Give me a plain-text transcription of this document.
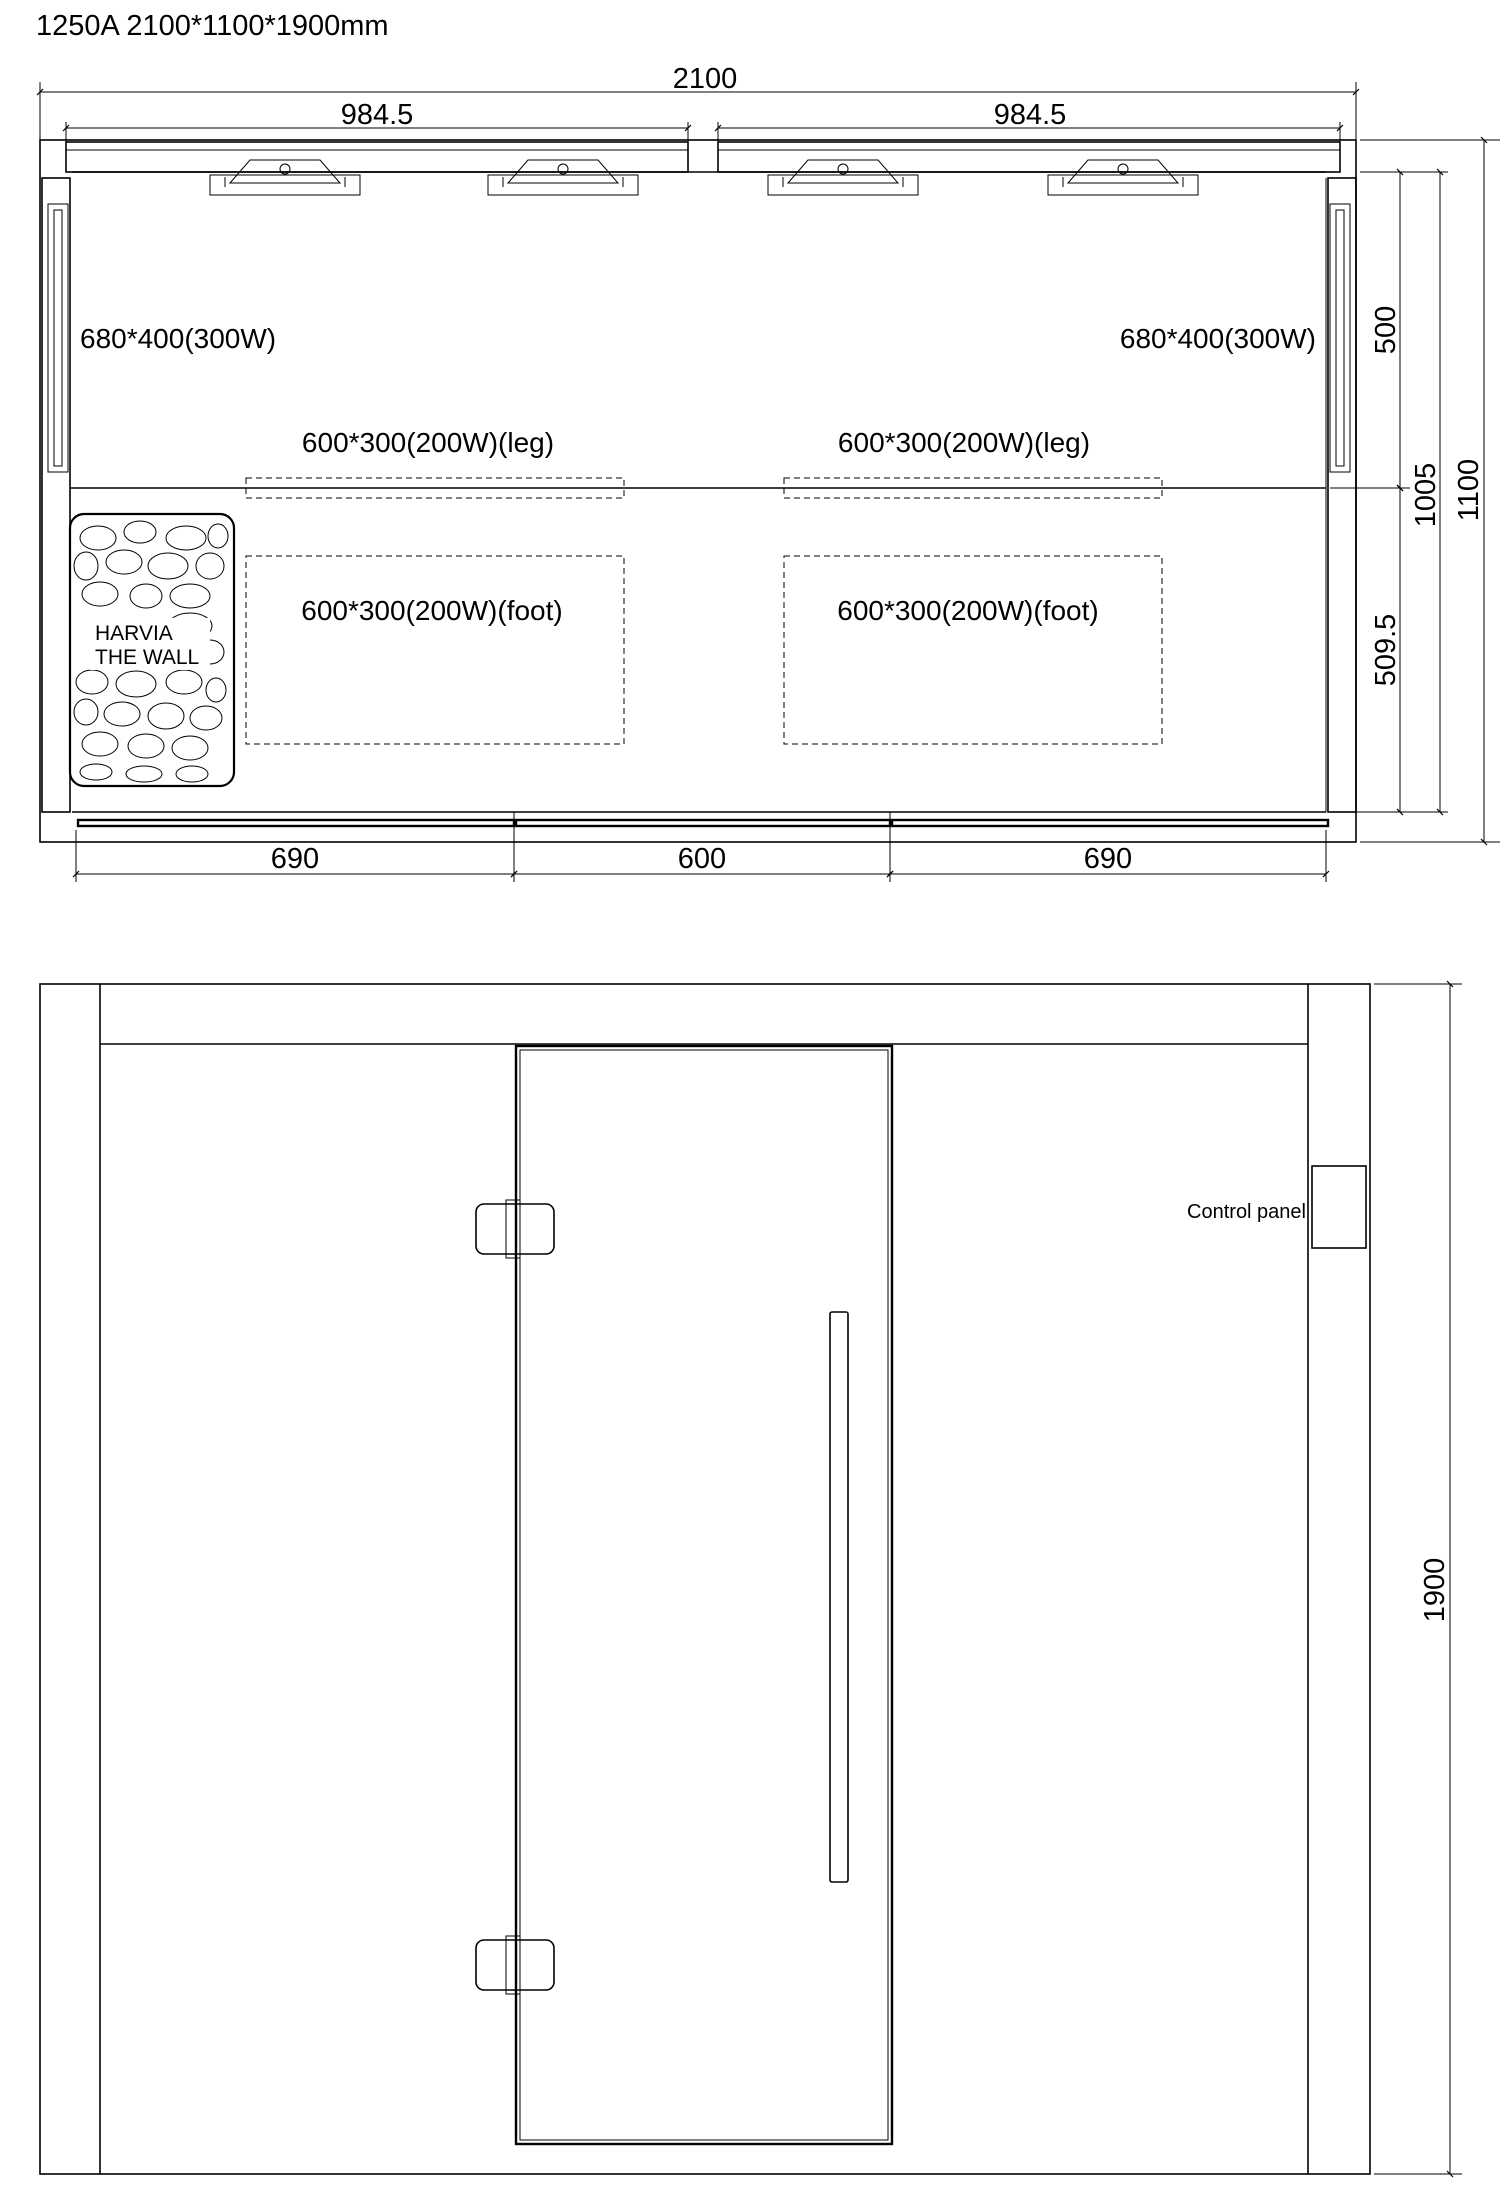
1250A 2100*1100*1900mm
HARVIA
THE WALL
680*400(300W)	680*400(300W)
600*300(200W)(leg)	600*300(200W)(leg)
600*300(200W)(foot)	600*300(200W)(foot)
2100
984.5	984.5
690	600	690
500
509.5
1005 1100
Control panel
1900
